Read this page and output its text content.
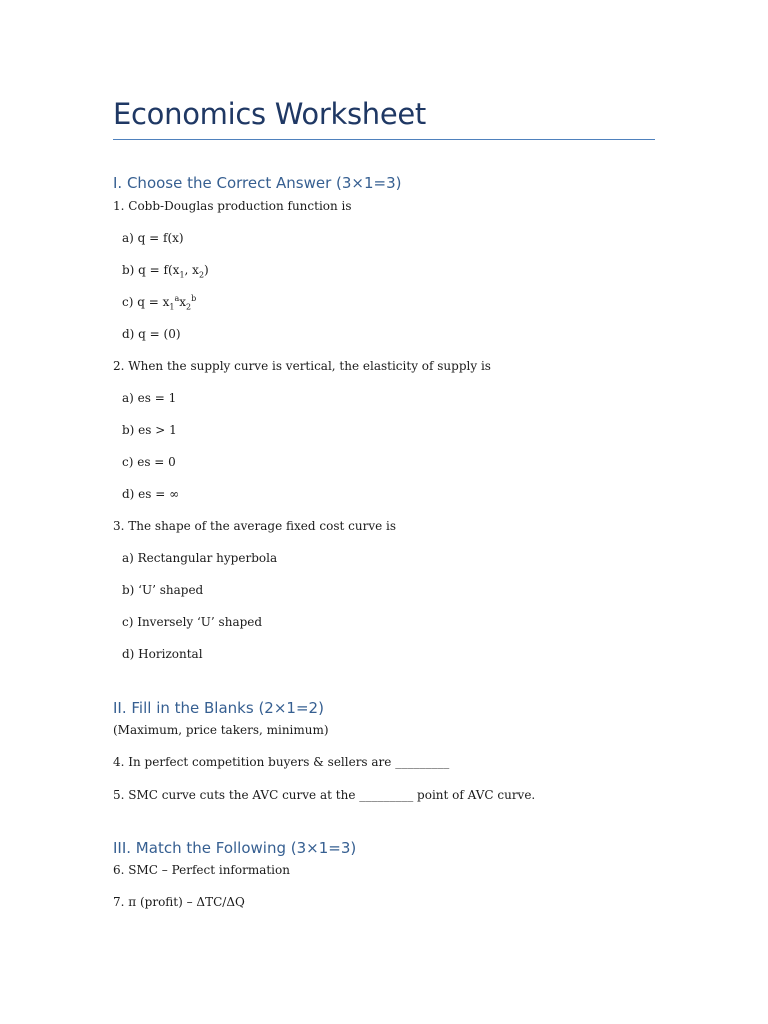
Economics Worksheet
I. Choose the Correct Answer (3×1=3)
1. Cobb-Douglas production function is
a) q = f(x)
b) $q = f(x_1$, $x_2$)
c) $q = x_1^ax_2^b$
d) q = (0)
2. When the supply curve is vertical, the elasticity of supply is
a) es = 1
b) es > 1
c) es = 0
d) es = ∞
3. The shape of the average fixed cost curve is
a) Rectangular hyperbola
b) ‘U’ shaped
c) Inversely ‘U’ shaped
d) Horizontal
II. Fill in the Blanks (2×1=2)
(Maximum, price takers, minimum)
4. In perfect competition buyers & sellers are _________
5. SMC curve cuts the AVC curve at the _________ point of AVC curve.
III. Match the Following (3×1=3)
6. SMC – Perfect information
7. π (profit) – ΔTC/ΔQ
